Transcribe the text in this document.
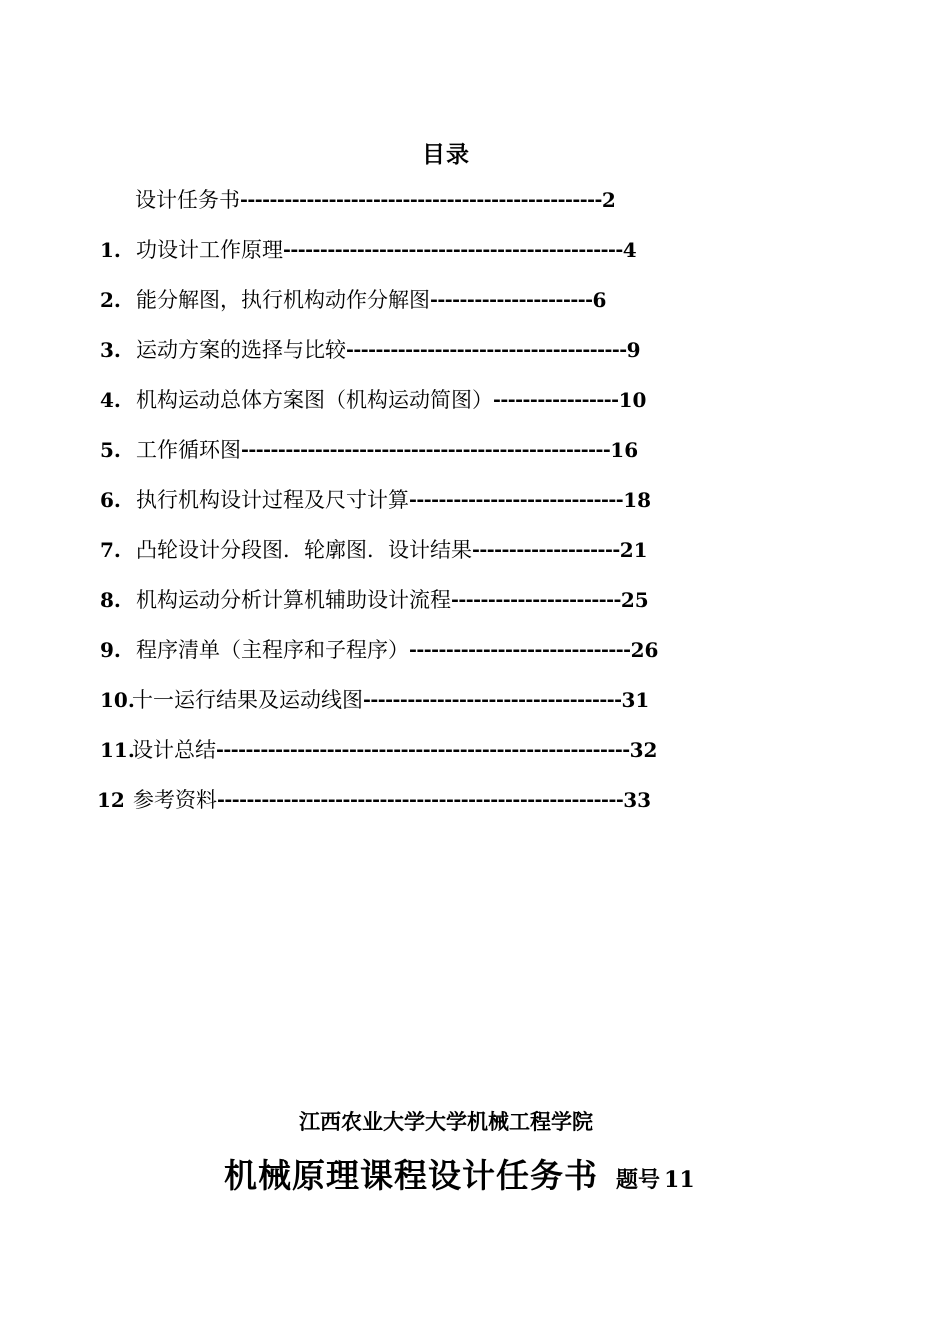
目录
设计任务书 ------------------------------------------------- 2
1. 功设计工作原理 ---------------------------------------------- 4
2. 能分解图，执行机构动作分解图 ---------------------- 6
3. 运动方案的选择与比较 -------------------------------------- 9
4. 机构运动总体方案图（机构运动简图） ----------------- 10
5. 工作循环图 -------------------------------------------------- 16
6. 执行机构设计过程及尺寸计算 ----------------------------- 18
7. 凸轮设计分段图．轮廓图．设计结果 -------------------- 21
8. 机构运动分析计算机辅助设计流程 ----------------------- 25
9. 程序清单（主程序和子程序） ------------------------------ 26
10.
十一运行结果及运动线图 ----------------------------------- 31
11.
设计总结 -------------------------------------------------------- 32
12 参考资料 ------------------------------------------------------- 33
江西农业大学大学机械工程学院
机械原理课程设计任务书 题号 11
